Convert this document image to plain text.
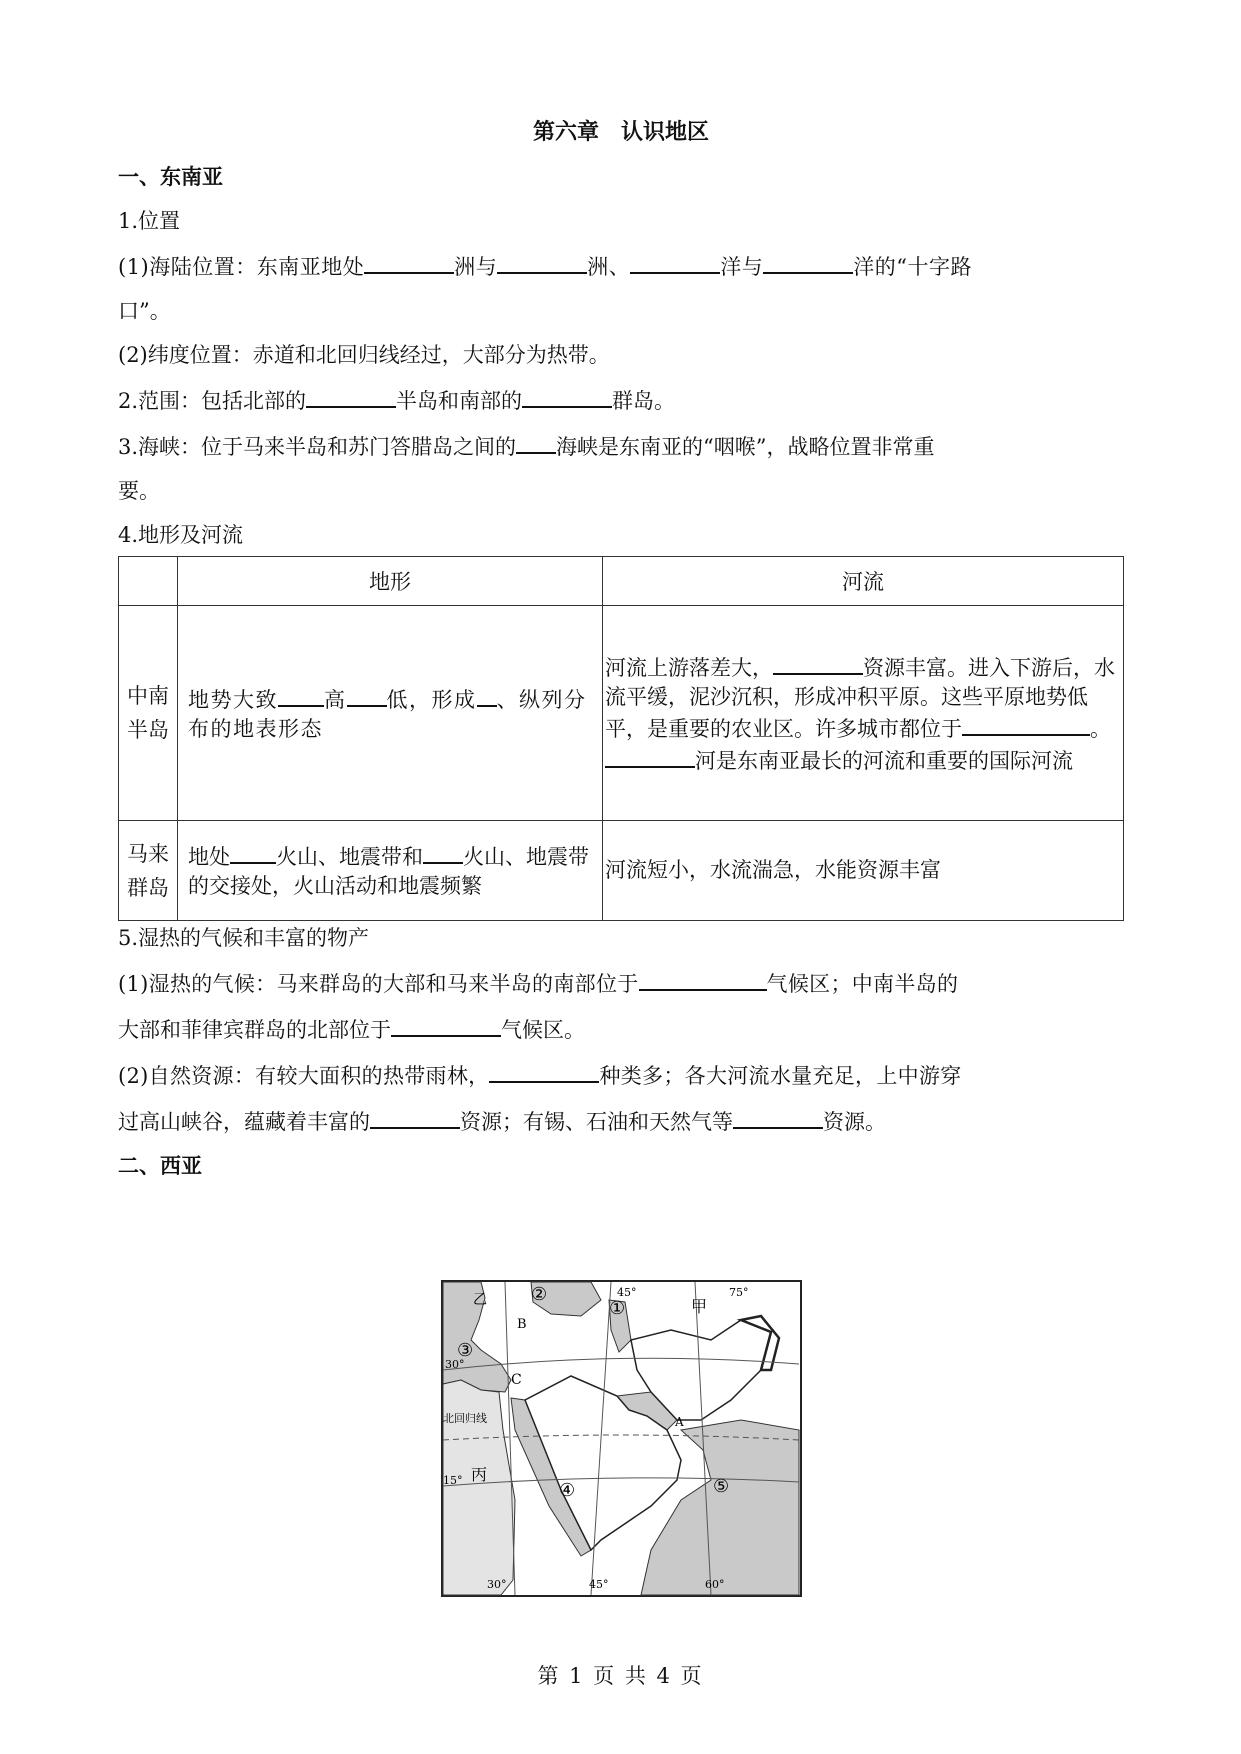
第六章　认识地区
一、东南亚
1.位置
(1)海陆位置：东南亚地处	洲与	洲、	洋与	洋的“十字路
口”。
(2)纬度位置：赤道和北回归线经过，大部分为热带。
2.范围：包括北部的	半岛和南部的	群岛。
3.海峡：位于马来半岛和苏门答腊岛之间的 海峡是东南亚的“咽喉”，战略位置非常重
要。
4.地形及河流
	地形	河流
中南半岛	地势大致 高 低，形成 、纵列分布的地表形态	河流上游落差大， 资源丰富。进入下游后，水流平缓，泥沙沉积，形成冲积平原。这些平原地势低平，是重要的农业区。许多城市都位于 。河是东南亚最长的河流和重要的国际河流
马来群岛	地处 火山、地震带和 火山、地震带的交接处，火山活动和地震频繁	河流短小，水流湍急，水能资源丰富
5.湿热的气候和丰富的物产
(1)湿热的气候：马来群岛的大部和马来半岛的南部位于	气候区；中南半岛的
大部和菲律宾群岛的北部位于	气候区。
(2)自然资源：有较大面积的热带雨林，	种类多；各大河流水量充足，上中游穿
过高山峡谷，蕴藏着丰富的	资源；有锡、石油和天然气等	资源。
二、西亚
乙	甲
丙
B
C
A
①
②
③
④	⑤
北回归线
30°
15°
45°	75°
30°	45°	60°
第 1 页 共 4 页
